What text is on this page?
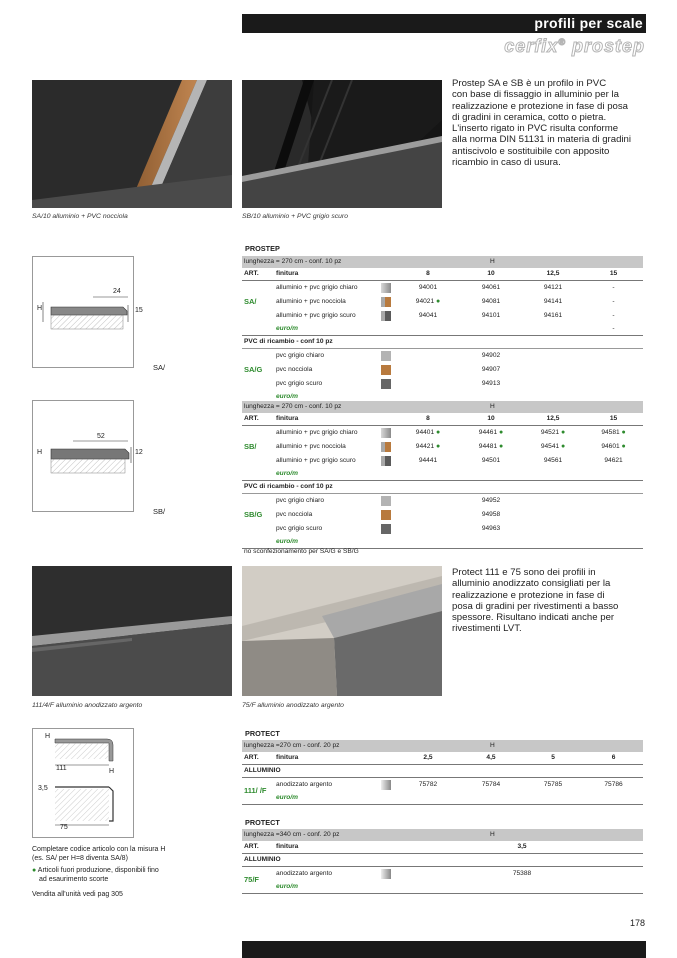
profili per scale
cerfix® prostep
SA/10 alluminio + PVC nocciola	SB/10 alluminio + PVC grigio scuro
Prostep SA e SB è un profilo in PVC
con base di fissaggio in alluminio per la
realizzazione e protezione in fase di posa
di gradini in ceramica, cotto o pietra.
L'inserto rigato in PVC risulta conforme
alla norma DIN 51131 in materia di gradini
antiscivolo e sostituibile con apposito
ricambio in caso di usura.
24
H	15
SA/
52
H	12
SB/
PROSTEP
lunghezza = 270 cm - conf. 10 pz				H		
ART.	finitura		8	10	12,5	15
SA/	alluminio + pvc grigio chiaro		94001	94061	94121	-
	alluminio + pvc nocciola		94021 ●	94081	94141	-
	alluminio + pvc grigio scuro		94041	94101	94161	-
	euro/m					-
PVC di ricambio - conf 10 pz						
SA/G	pvc grigio chiaro			94902		
	pvc nocciola			94907		
	pvc grigio scuro			94913		
	euro/m					
lunghezza = 270 cm - conf. 10 pz				H		
ART.	finitura		8	10	12,5	15
SB/	alluminio + pvc grigio chiaro		94401 ●	94461 ●	94521 ●	94581 ●
	alluminio + pvc nocciola		94421 ●	94481 ●	94541 ●	94601 ●
	alluminio + pvc grigio scuro		94441	94501	94561	94621
	euro/m					
PVC di ricambio - conf 10 pz						
SB/G	pvc grigio chiaro			94952		
	pvc nocciola			94958		
	pvc grigio scuro			94963		
	euro/m					
no sconfezionamento per SA/G e SB/G
111/4/F alluminio anodizzato argento	75/F alluminio anodizzato argento
Protect 111 e 75 sono dei profili in
alluminio anodizzato consigliati per la
realizzazione e protezione in fase di
posa di gradini per rivestimenti a basso
spessore. Risultano indicati anche per
rivestimenti LVT.
H
111	H
3,5
75
Completare codice articolo con la misura H
(es. SA/ per H=8 diventa SA/8)
● Articoli fuori produzione, disponibili fino
ad esaurimento scorte
Vendita all'unità vedi pag 305
PROTECT
lunghezza =270 cm - conf. 20 pz				H		
ART.	finitura		2,5	4,5	5	6
ALLUMINIO						
111/ /F	anodizzato argento		75782	75784	75785	75786
	euro/m					
PROTECT
lunghezza =340 cm - conf. 20 pz				H		
ART.	finitura			3,5		
ALLUMINIO						
75/F	anodizzato argento			75388		
	euro/m					
178
